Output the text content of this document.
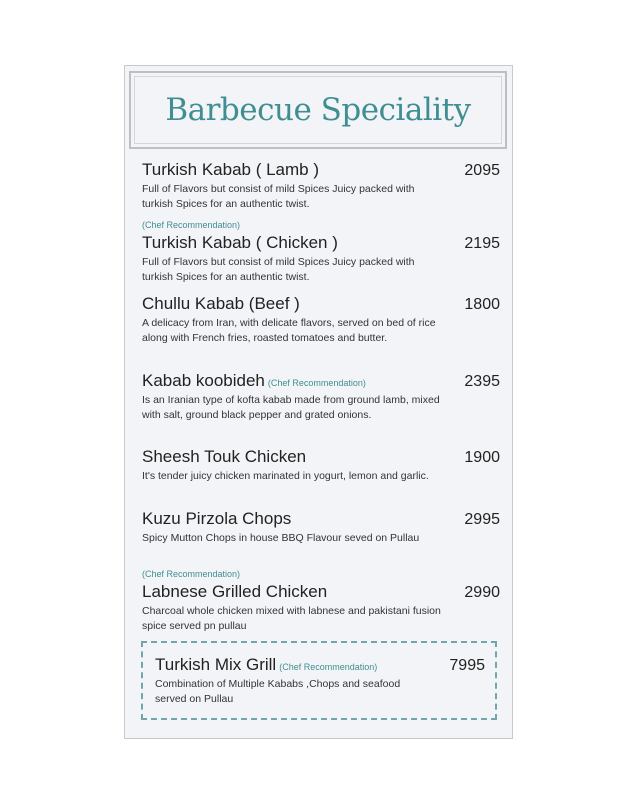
Barbecue Speciality
Turkish Kabab ( Lamb )	2095
Full of Flavors but consist of mild Spices Juicy packed with turkish Spices for an authentic twist.
(Chef Recommendation)
Turkish Kabab ( Chicken )	2195
Full of Flavors but consist of mild Spices Juicy packed with turkish Spices for an authentic twist.
Chullu Kabab (Beef )	1800
A delicacy from Iran, with delicate flavors, served on bed of rice along with French fries, roasted tomatoes and butter.
Kabab koobideh (Chef Recommendation)	2395
Is an Iranian type of kofta kabab made from ground lamb, mixed with salt, ground black pepper and grated onions.
Sheesh Touk Chicken	1900
It's tender juicy chicken marinated in yogurt, lemon and garlic.
Kuzu Pirzola Chops	2995
Spicy Mutton Chops in house BBQ Flavour seved on Pullau
(Chef Recommendation)
Labnese Grilled Chicken	2990
Charcoal whole chicken mixed with labnese and pakistani fusion spice served pn pullau
Turkish Mix Grill (Chef Recommendation)	7995
Combination of Multiple Kababs ,Chops and seafood served on Pullau
